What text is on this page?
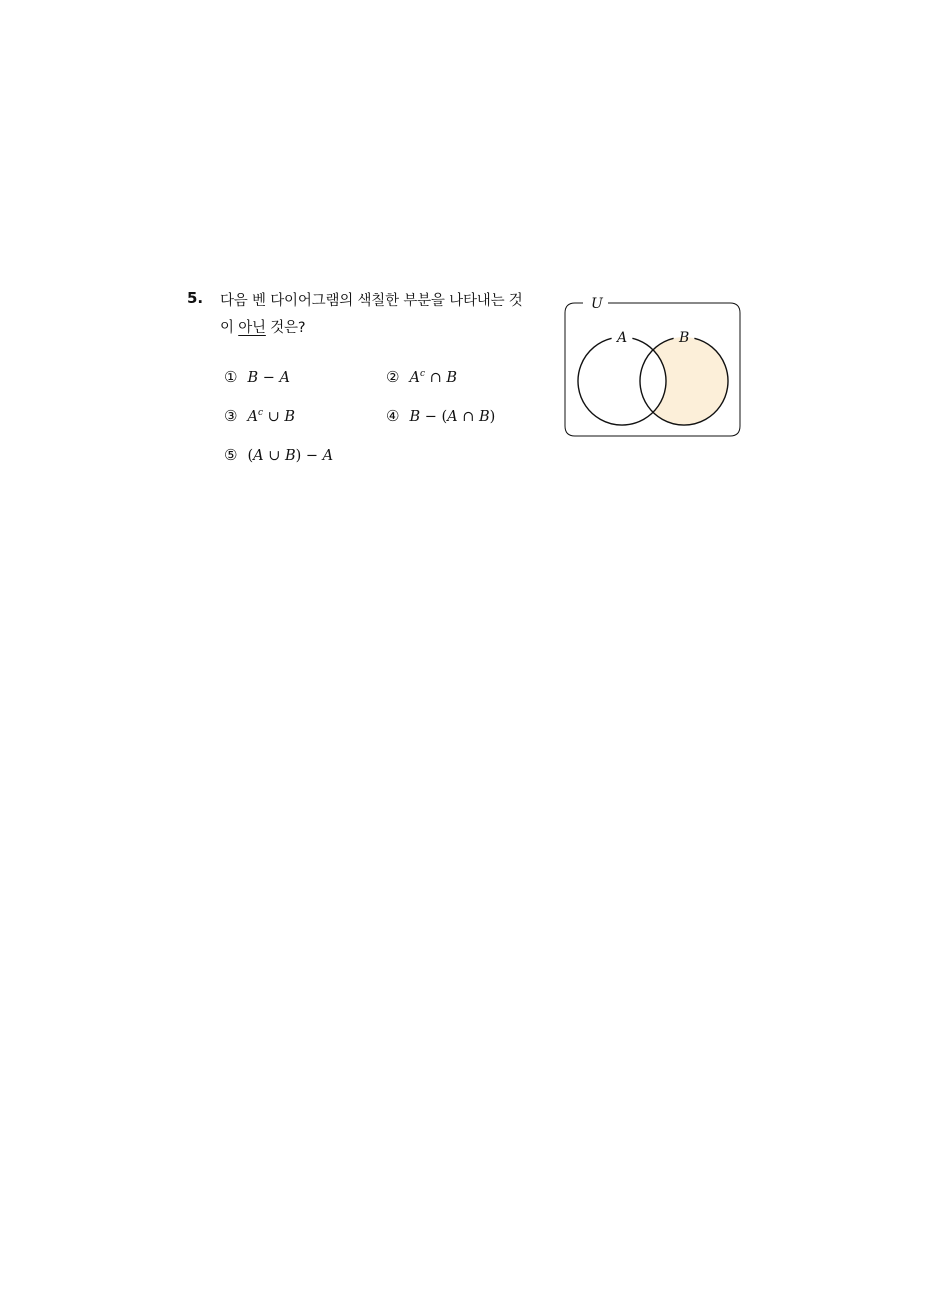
5. 다음 벤 다이어그램의 색칠한 부분을 나타내는 것
이 아닌 것은?
① B − A	② $A^c$ ∩ B
③ $A^c$ ∪ B	④ B − (A ∩ B)
⑤ (A ∪ B) − A
U
A	B
